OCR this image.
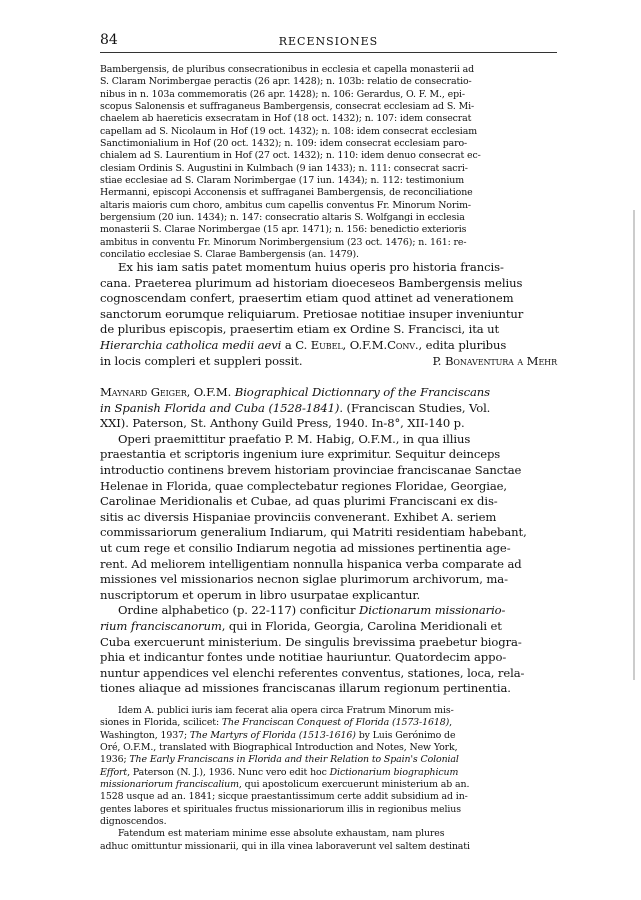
84	RECENSIONES
Bambergensis, de pluribus consecrationibus in ecclesia et capella monasterii ad
S. Claram Norimbergae peractis (26 apr. 1428); n. 103b: relatio de consecratio-
nibus in n. 103a commemoratis (26 apr. 1428); n. 106: Gerardus, O. F. M., epi-
scopus Salonensis et suffraganeus Bambergensis, consecrat ecclesiam ad S. Mi-
chaelem ab haereticis exsecratam in Hof (18 oct. 1432); n. 107: idem consecrat
capellam ad S. Nicolaum in Hof (19 oct. 1432); n. 108: idem consecrat ecclesiam
Sanctimonialium in Hof (20 oct. 1432); n. 109: idem consecrat ecclesiam paro-
chialem ad S. Laurentium in Hof (27 oct. 1432); n. 110: idem denuo consecrat ec-
clesiam Ordinis S. Augustini in Kulmbach (9 ian 1433); n. 111: consecrat sacri-
stiae ecclesiae ad S. Claram Norimbergae (17 iun. 1434); n. 112: testimonium
Hermanni, episcopi Acconensis et suffraganei Bambergensis, de reconciliatione
altaris maioris cum choro, ambitus cum capellis conventus Fr. Minorum Norim-
bergensium (20 iun. 1434); n. 147: consecratio altaris S. Wolfgangi in ecclesia
monasterii S. Clarae Norimbergae (15 apr. 1471); n. 156: benedictio exterioris
ambitus in conventu Fr. Minorum Norimbergensium (23 oct. 1476); n. 161: re-
concilatio ecclesiae S. Clarae Bambergensis (an. 1479).
Ex his iam satis patet momentum huius operis pro historia francis-
cana. Praeterea plurimum ad historiam dioeceseos Bambergensis melius
cognoscendam confert, praesertim etiam quod attinet ad venerationem
sanctorum eorumque reliquiarum. Pretiosae notitiae insuper inveniuntur
de pluribus episcopis, praesertim etiam ex Ordine S. Francisci, ita ut
Hierarchia catholica medii aevi a C. Eubel, O.F.M.Conv., edita pluribus
in locis compleri et suppleri possit.	P. Bonaventura a Mehr
Maynard Geiger, O.F.M. Biographical Dictionnary of the Franciscans
in Spanish Florida and Cuba (1528-1841). (Franciscan Studies, Vol.
XXI). Paterson, St. Anthony Guild Press, 1940. In-8°, XII-140 p.
Operi praemittitur praefatio P. M. Habig, O.F.M., in qua illius
praestantia et scriptoris ingenium iure exprimitur. Sequitur deinceps
introductio continens brevem historiam provinciae franciscanae Sanctae
Helenae in Florida, quae complectebatur regiones Floridae, Georgiae,
Carolinae Meridionalis et Cubae, ad quas plurimi Franciscani ex dis-
sitis ac diversis Hispaniae provinciis convenerant. Exhibet A. seriem
commissariorum generalium Indiarum, qui Matriti residentiam habebant,
ut cum rege et consilio Indiarum negotia ad missiones pertinentia age-
rent. Ad meliorem intelligentiam nonnulla hispanica verba comparate ad
missiones vel missionarios necnon siglae plurimorum archivorum, ma-
nuscriptorum et operum in libro usurpatae explicantur.
Ordine alphabetico (p. 22-117) conficitur Dictionarum missionario-
rium franciscanorum, qui in Florida, Georgia, Carolina Meridionali et
Cuba exercuerunt ministerium. De singulis brevissima praebetur biogra-
phia et indicantur fontes unde notitiae hauriuntur. Quatordecim appo-
nuntur appendices vel elenchi referentes conventus, stationes, loca, rela-
tiones aliaque ad missiones franciscanas illarum regionum pertinentia.
Idem A. publici iuris iam fecerat alia opera circa Fratrum Minorum mis-
siones in Florida, scilicet: The Franciscan Conquest of Florida (1573-1618),
Washington, 1937; The Martyrs of Florida (1513-1616) by Luis Gerónimo de
Oré, O.F.M., translated with Biographical Introduction and Notes, New York,
1936; The Early Franciscans in Florida and their Relation to Spain's Colonial
Effort, Paterson (N. J.), 1936. Nunc vero edit hoc Dictionarium biographicum
missionariorum franciscalium, qui apostolicum exercuerunt ministerium ab an.
1528 usque ad an. 1841; sicque praestantissimum certe addit subsidium ad in-
gentes labores et spirituales fructus missionariorum illis in regionibus melius
dignoscendos.
Fatendum est materiam minime esse absolute exhaustam, nam plures
adhuc omittuntur missionarii, qui in illa vinea laboraverunt vel saltem destinati
